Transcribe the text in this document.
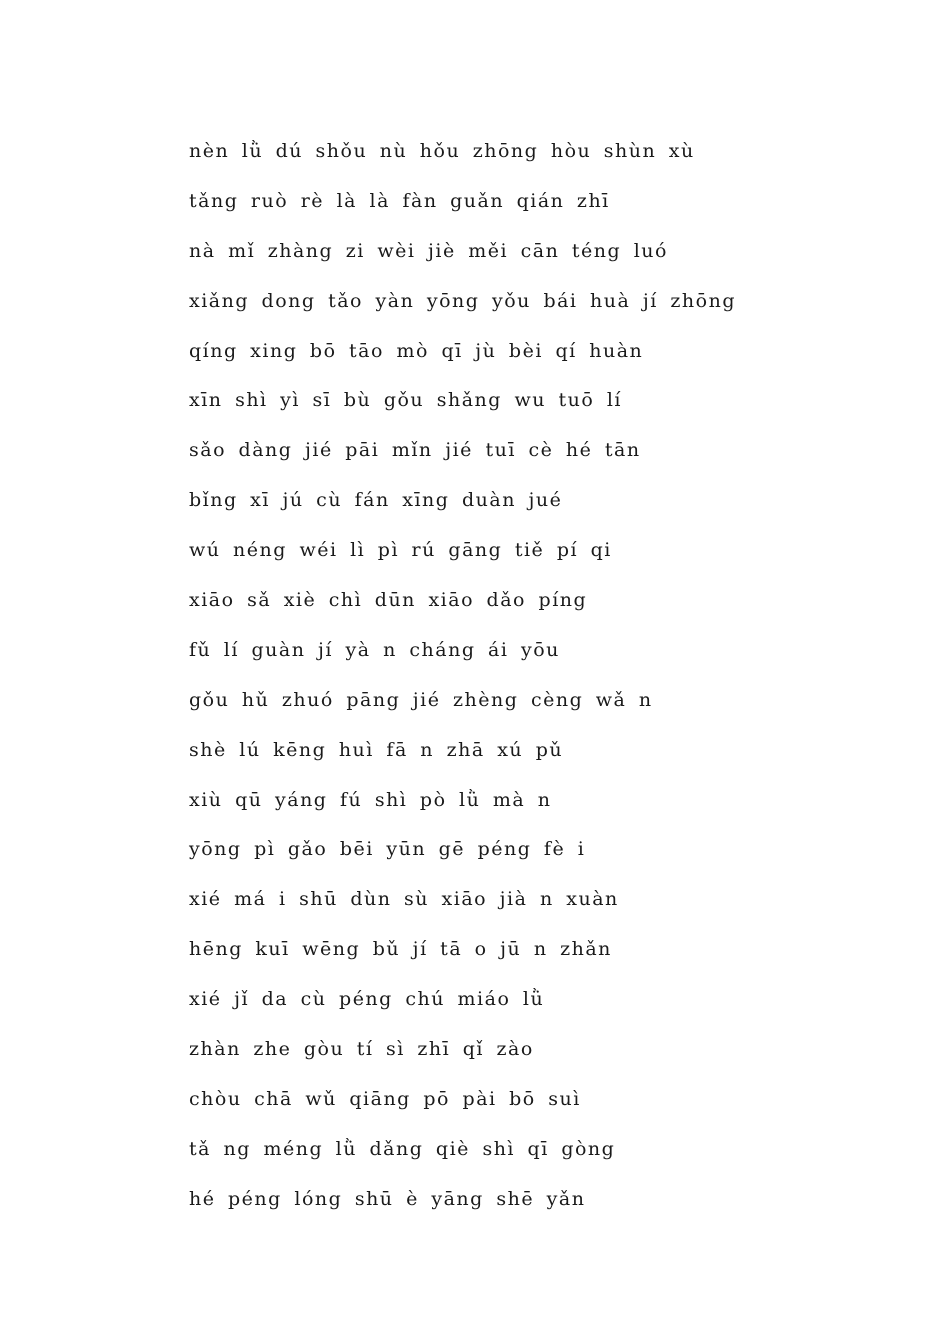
nèn lǜ dú shǒu nù hǒu zhōng hòu shùn xù
tǎng ruò rè là là fàn guǎn qián zhī
nà mǐ zhàng zi wèi jiè měi cān téng luó
xiǎng dong tǎo yàn yōng yǒu bái huà jí zhōng
qíng xing bō tāo mò qī jù bèi qí huàn
xīn shì yì sī bù gǒu shǎng wu tuō lí
sǎo dàng jié pāi mǐn jié tuī cè hé tān
bǐng xī jú cù fán xīng duàn jué
wú néng wéi lì pì rú gāng tiě pí qi
xiāo sǎ xiè chì dūn xiāo dǎo píng
fǔ lí guàn jí yà n cháng ái yōu
gǒu hǔ zhuó pāng jié zhèng cèng wǎ n
shè lú kēng huì fā n zhā xú pǔ
xiù qū yáng fú shì pò lǜ mà n
yōng pì gǎo bēi yūn gē péng fè i
xié má i shū dùn sù xiāo jià n xuàn
hēng kuī wēng bǔ jí tā o jū n zhǎn
xié jǐ da cù péng chú miáo lǜ
zhàn zhe gòu tí sì zhī qǐ zào
chòu chā wǔ qiāng pō pài bō suì
tǎ ng méng lǜ dǎng qiè shì qī gòng
hé péng lóng shū è yāng shē yǎn
